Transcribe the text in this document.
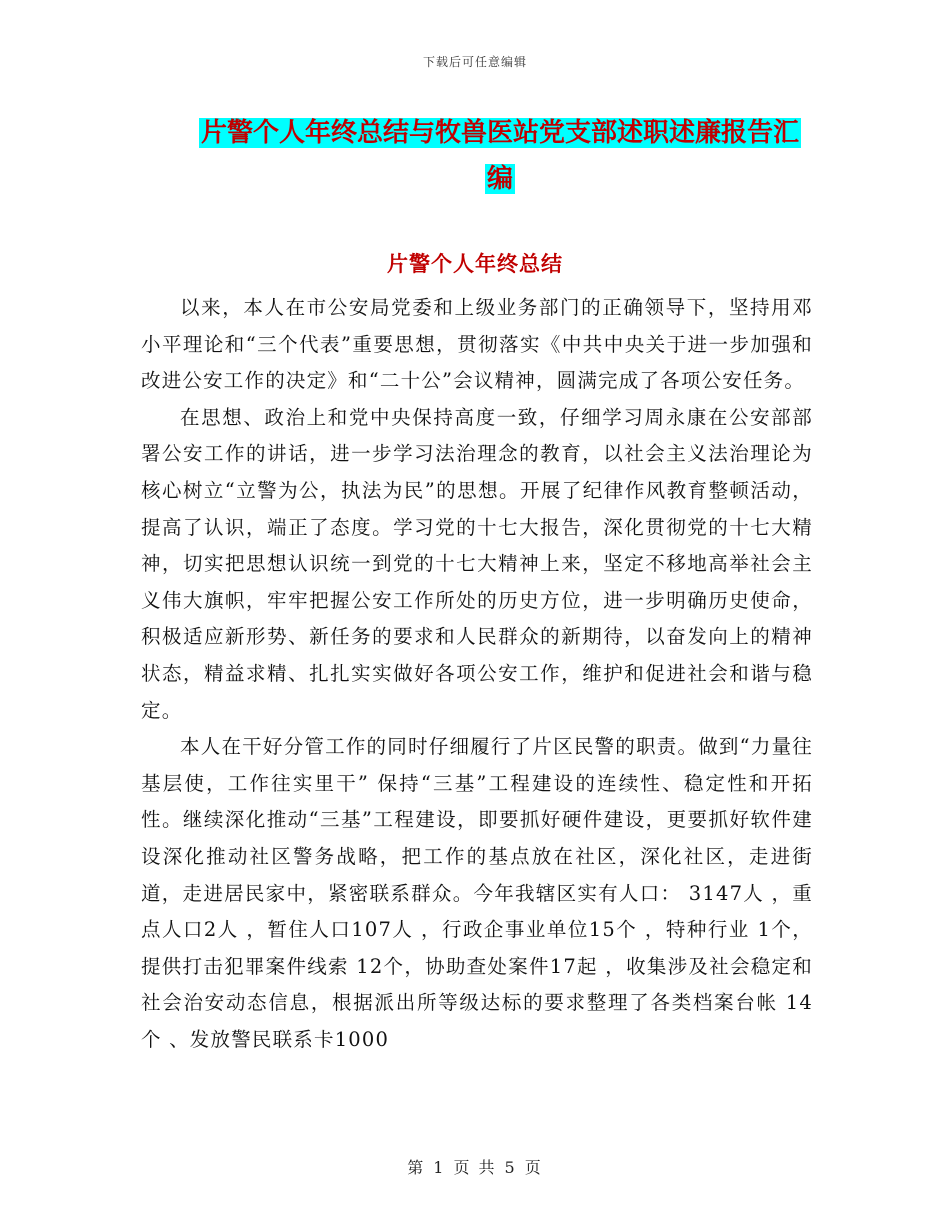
下载后可任意编辑
片警个人年终总结与牧兽医站党支部述职述廉报告汇
编
片警个人年终总结

以来，本人在市公安局党委和上级业务部门的正确领导下，坚持用邓小平理论和“三个代表”重要思想，贯彻落实《中共中央关于进一步加强和改进公安工作的决定》和“二十公”会议精神，圆满完成了各项公安任务。

在思想、政治上和党中央保持高度一致，仔细学习周永康在公安部部署公安工作的讲话，进一步学习法治理念的教育，以社会主义法治理论为核心树立“立警为公，执法为民”的思想。开展了纪律作风教育整顿活动，提高了认识，端正了态度。学习党的十七大报告，深化贯彻党的十七大精神，切实把思想认识统一到党的十七大精神上来，坚定不移地高举社会主义伟大旗帜，牢牢把握公安工作所处的历史方位，进一步明确历史使命，积极适应新形势、新任务的要求和人民群众的新期待，以奋发向上的精神状态，精益求精、扎扎实实做好各项公安工作，维护和促进社会和谐与稳定。

本人在干好分管工作的同时仔细履行了片区民警的职责。做到“力量往基层使，工作往实里干” 保持“三基”工程建设的连续性、稳定性和开拓性。继续深化推动“三基”工程建设，即要抓好硬件建设，更要抓好软件建设深化推动社区警务战略，把工作的基点放在社区，深化社区，走进街道，走进居民家中，紧密联系群众。今年我辖区实有人口： 3147人 ，重点人口2人 ，暂住人口107人 ，行政企事业单位15个 ，特种行业 1个，提供打击犯罪案件线索 12个，协助查处案件17起 ，收集涉及社会稳定和社会治安动态信息，根据派出所等级达标的要求整理了各类档案台帐 14个 、发放警民联系卡1000

第 1 页 共 5 页
